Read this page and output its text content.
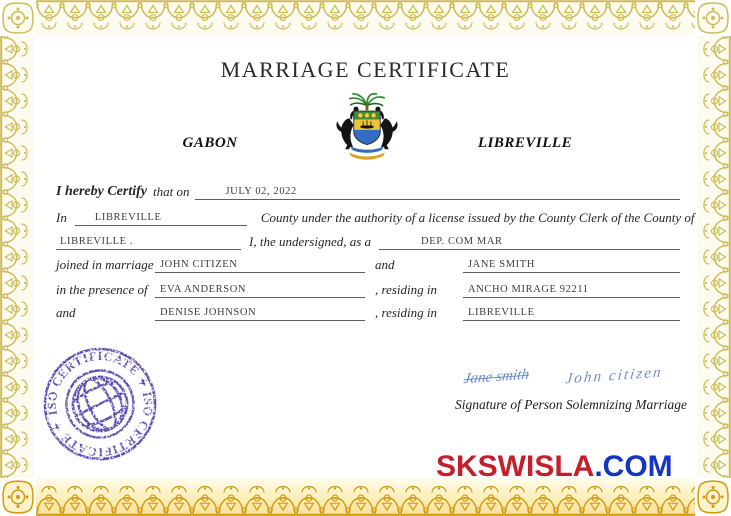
MARRIAGE CERTIFICATE
GABON	LIBREVILLE
I hereby Certify that on	JULY 02, 2022
In	LIBREVILLE	County under the authority of a license issued by the County Clerk of the County of
LIBREVILLE .	I, the undersigned, as a	DEP. COM MAR
joined in marriage JOHN CITIZEN	and	JANE SMITH
in the presence of	EVA ANDERSON	, residing in	ANCHO MIRAGE 92211
and	DENISE JOHNSON	, residing in	LIBREVILLE
ISO CERTIFICATE ✦ ISO CERTIFICATE ✦
Jane smith John citizen
Signature of Person Solemnizing Marriage
SKSWISLA.COM
